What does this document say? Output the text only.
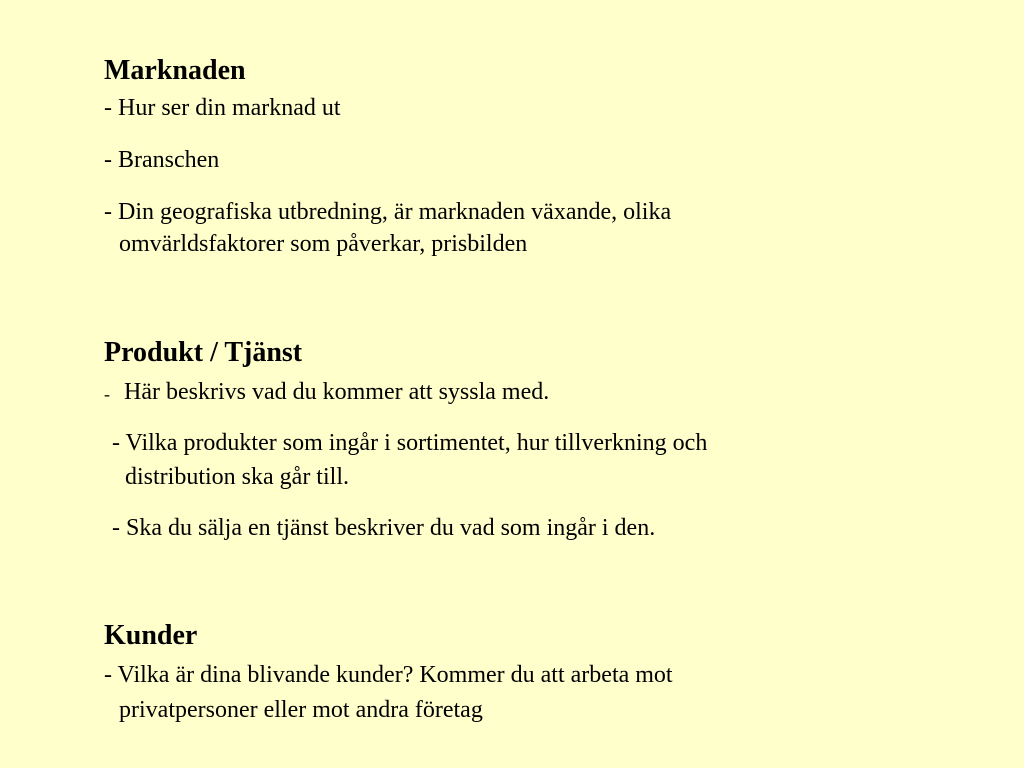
Marknaden
- Hur ser din marknad ut
- Branschen
- Din geografiska utbredning, är marknaden växande, olika
omvärldsfaktorer som påverkar, prisbilden
Produkt / Tjänst
- Här beskrivs vad du kommer att syssla med.
- Vilka produkter som ingår i sortimentet, hur tillverkning och
distribution ska går till.
- Ska du sälja en tjänst beskriver du vad som ingår i den.
Kunder
- Vilka är dina blivande kunder? Kommer du att arbeta mot
privatpersoner eller mot andra företag
